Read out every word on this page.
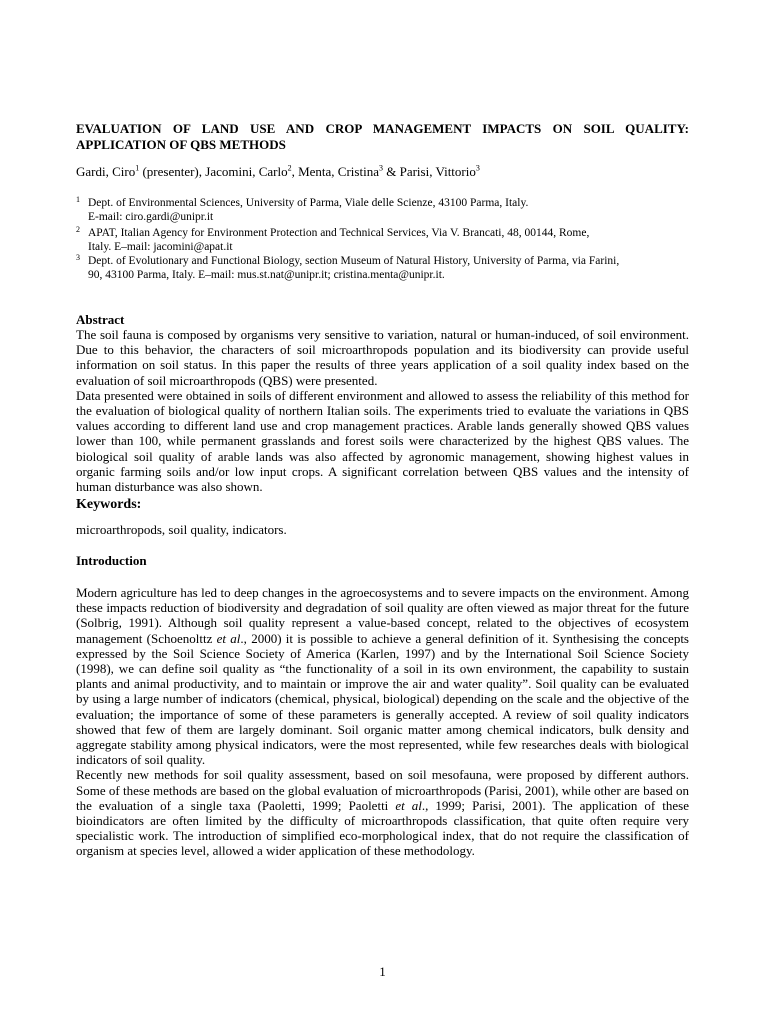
EVALUATION OF LAND USE AND CROP MANAGEMENT IMPACTS ON SOIL QUALITY: APPLICATION OF QBS METHODS
Gardi, Ciro$^1$ (presenter), Jacomini, Carlo$^2$, Menta, Cristina$^3$ & Parisi, Vittorio$^3$
1 Dept. of Environmental Sciences, University of Parma, Viale delle Scienze, 43100 Parma, Italy.
E-mail: ciro.gardi@unipr.it
2 APAT, Italian Agency for Environment Protection and Technical Services, Via V. Brancati, 48, 00144, Rome,
Italy. E–mail: jacomini@apat.it
3 Dept. of Evolutionary and Functional Biology, section Museum of Natural History, University of Parma, via Farini,
90, 43100 Parma, Italy. E–mail: mus.st.nat@unipr.it; cristina.menta@unipr.it.
Abstract

The soil fauna is composed by organisms very sensitive to variation, natural or human-induced, of soil environment. Due to this behavior, the characters of soil microarthropods population and its biodiversity can provide useful information on soil status. In this paper the results of three years application of a soil quality index based on the evaluation of soil microarthropods (QBS) were presented.

Data presented were obtained in soils of different environment and allowed to assess the reliability of this method for the evaluation of biological quality of northern Italian soils. The experiments tried to evaluate the variations in QBS values according to different land use and crop management practices. Arable lands generally showed QBS values lower than 100, while permanent grasslands and forest soils were characterized by the highest QBS values. The biological soil quality of arable lands was also affected by agronomic management, showing highest values in organic farming soils and/or low input crops. A significant correlation between QBS values and the intensity of human disturbance was also shown.

Keywords:
microarthropods, soil quality, indicators.
Introduction

Modern agriculture has led to deep changes in the agroecosystems and to severe impacts on the environment. Among these impacts reduction of biodiversity and degradation of soil quality are often viewed as major threat for the future (Solbrig, 1991). Although soil quality represent a value-based concept, related to the objectives of ecosystem management (Schoenolttz et al., 2000) it is possible to achieve a general definition of it. Synthesising the concepts expressed by the Soil Science Society of America (Karlen, 1997) and by the International Soil Science Society (1998), we can define soil quality as “the functionality of a soil in its own environment, the capability to sustain plants and animal productivity, and to maintain or improve the air and water quality”. Soil quality can be evaluated by using a large number of indicators (chemical, physical, biological) depending on the scale and the objective of the evaluation; the importance of some of these parameters is generally accepted. A review of soil quality indicators showed that few of them are largely dominant. Soil organic matter among chemical indicators, bulk density and aggregate stability among physical indicators, were the most represented, while few researches deals with biological indicators of soil quality.

Recently new methods for soil quality assessment, based on soil mesofauna, were proposed by different authors. Some of these methods are based on the global evaluation of microarthropods (Parisi, 2001), while other are based on the evaluation of a single taxa (Paoletti, 1999; Paoletti et al., 1999; Parisi, 2001). The application of these bioindicators are often limited by the difficulty of microarthropods classification, that quite often require very specialistic work. The introduction of simplified eco-morphological index, that do not require the classification of organism at species level, allowed a wider application of these methodology.

1
